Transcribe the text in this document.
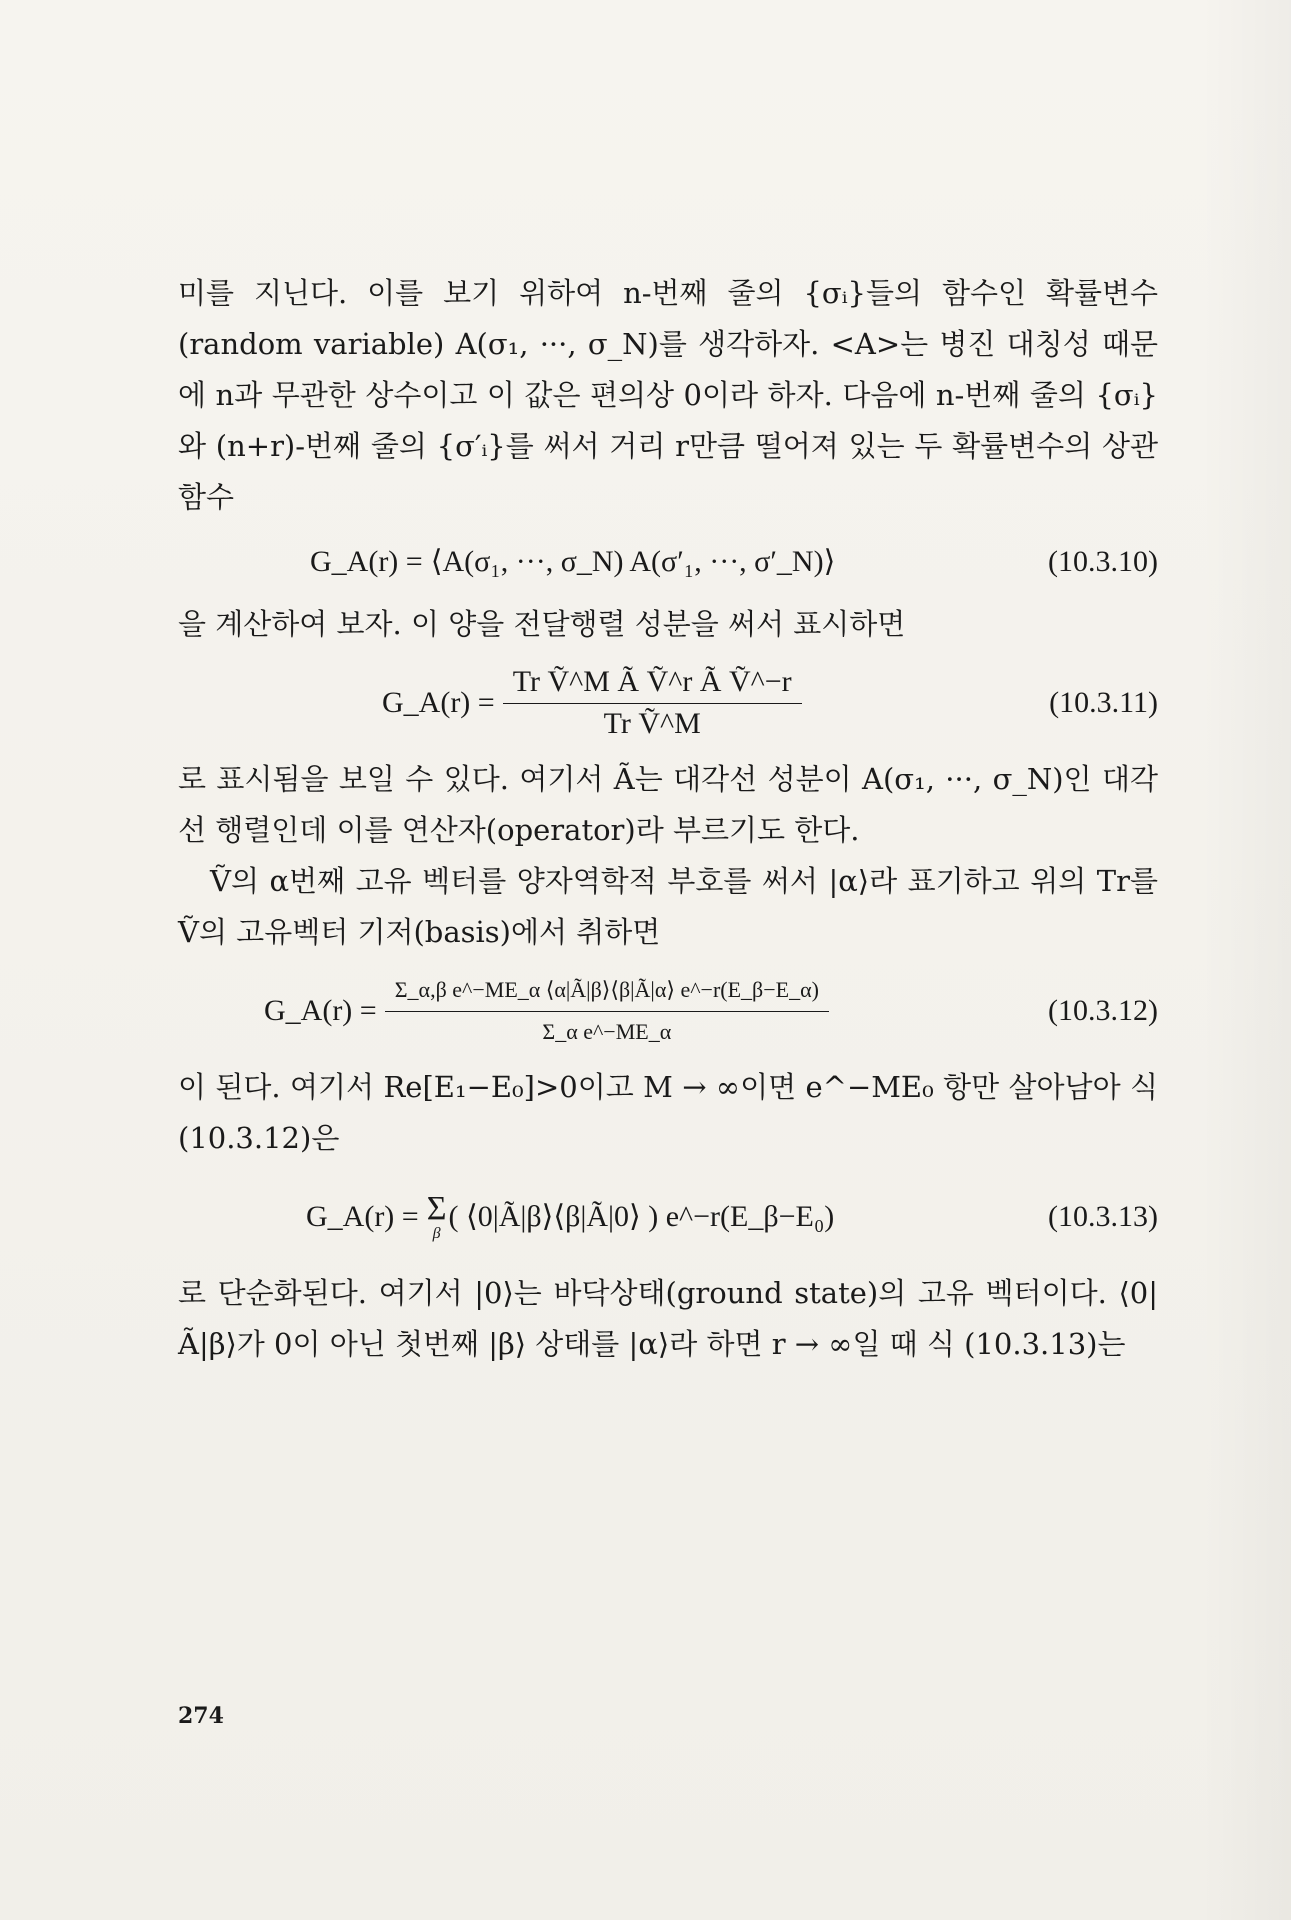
미를 지닌다. 이를 보기 위하여 n-번째 줄의 {σᵢ}들의 함수인 확률변수(random variable) A(σ₁, ···, σ_N)를 생각하자. <A>는 병진 대칭성 때문에 n과 무관한 상수이고 이 값은 편의상 0이라 하자. 다음에 n-번째 줄의 {σᵢ}와 (n+r)-번째 줄의 {σ′ᵢ}를 써서 거리 r만큼 떨어져 있는 두 확률변수의 상관함수

G_A(r) = ⟨A(σ₁, ···, σ_N) A(σ′₁, ···, σ′_N)⟩	(10.3.10)

을 계산하여 보자. 이 양을 전달행렬 성분을 써서 표시하면

G_A(r) = $\frac{\text{Tr Ṽ\textasciicircum{}M Ã Ṽ\textasciicircum{}r Ã Ṽ\textasciicircum{}−r}}{\text{Tr Ṽ\textasciicircum{}M}}$	(10.3.11)

로 표시됨을 보일 수 있다. 여기서 Ã는 대각선 성분이 A(σ₁, ···, σ_N)인 대각선 행렬인데 이를 연산자(operator)라 부르기도 한다.

Ṽ의 α번째 고유 벡터를 양자역학적 부호를 써서 |α⟩라 표기하고 위의 Tr를 Ṽ의 고유벡터 기저(basis)에서 취하면

G_A(r) = $\frac{\text{Σ\_α,β e\textasciicircum{}−ME\_α ⟨α|Ã|β⟩⟨β|Ã|α⟩ e\textasciicircum{}−r(E\_β−E\_α)}}{\text{Σ\_α e\textasciicircum{}−ME\_α}}$	(10.3.12)

이 된다. 여기서 Re[E₁−E₀]>0이고 M → ∞이면 e^−ME₀ 항만 살아남아 식 (10.3.12)은

G_A(r) = Σ
β
( ⟨0|Ã|β⟩⟨β|Ã|0⟩ ) e^−r(E_β−E₀)	(10.3.13)

로 단순화된다. 여기서 |0⟩는 바닥상태(ground state)의 고유 벡터이다. ⟨0|Ã|β⟩가 0이 아닌 첫번째 |β⟩ 상태를 |α⟩라 하면 r → ∞일 때 식 (10.3.13)는

274
